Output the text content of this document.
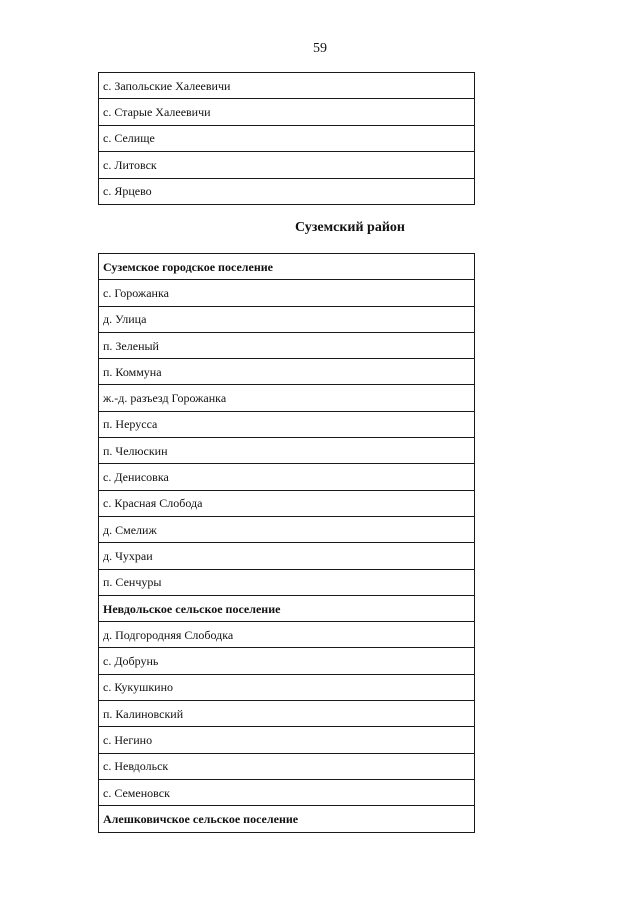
59
с. Запольские Халеевичи
с. Старые Халеевичи
с. Селище
с. Литовск
с. Ярцево
Суземский район
Суземское городское поселение
с. Горожанка
д. Улица
п. Зеленый
п. Коммуна
ж.-д. разъезд Горожанка
п. Нерусса
п. Челюскин
с. Денисовка
с. Красная Слобода
д. Смелиж
д. Чухраи
п. Сенчуры
Невдольское сельское поселение
д. Подгородняя Слободка
с. Добрунь
с. Кукушкино
п. Калиновский
с. Негино
с. Невдольск
с. Семеновск
Алешковичское сельское поселение
